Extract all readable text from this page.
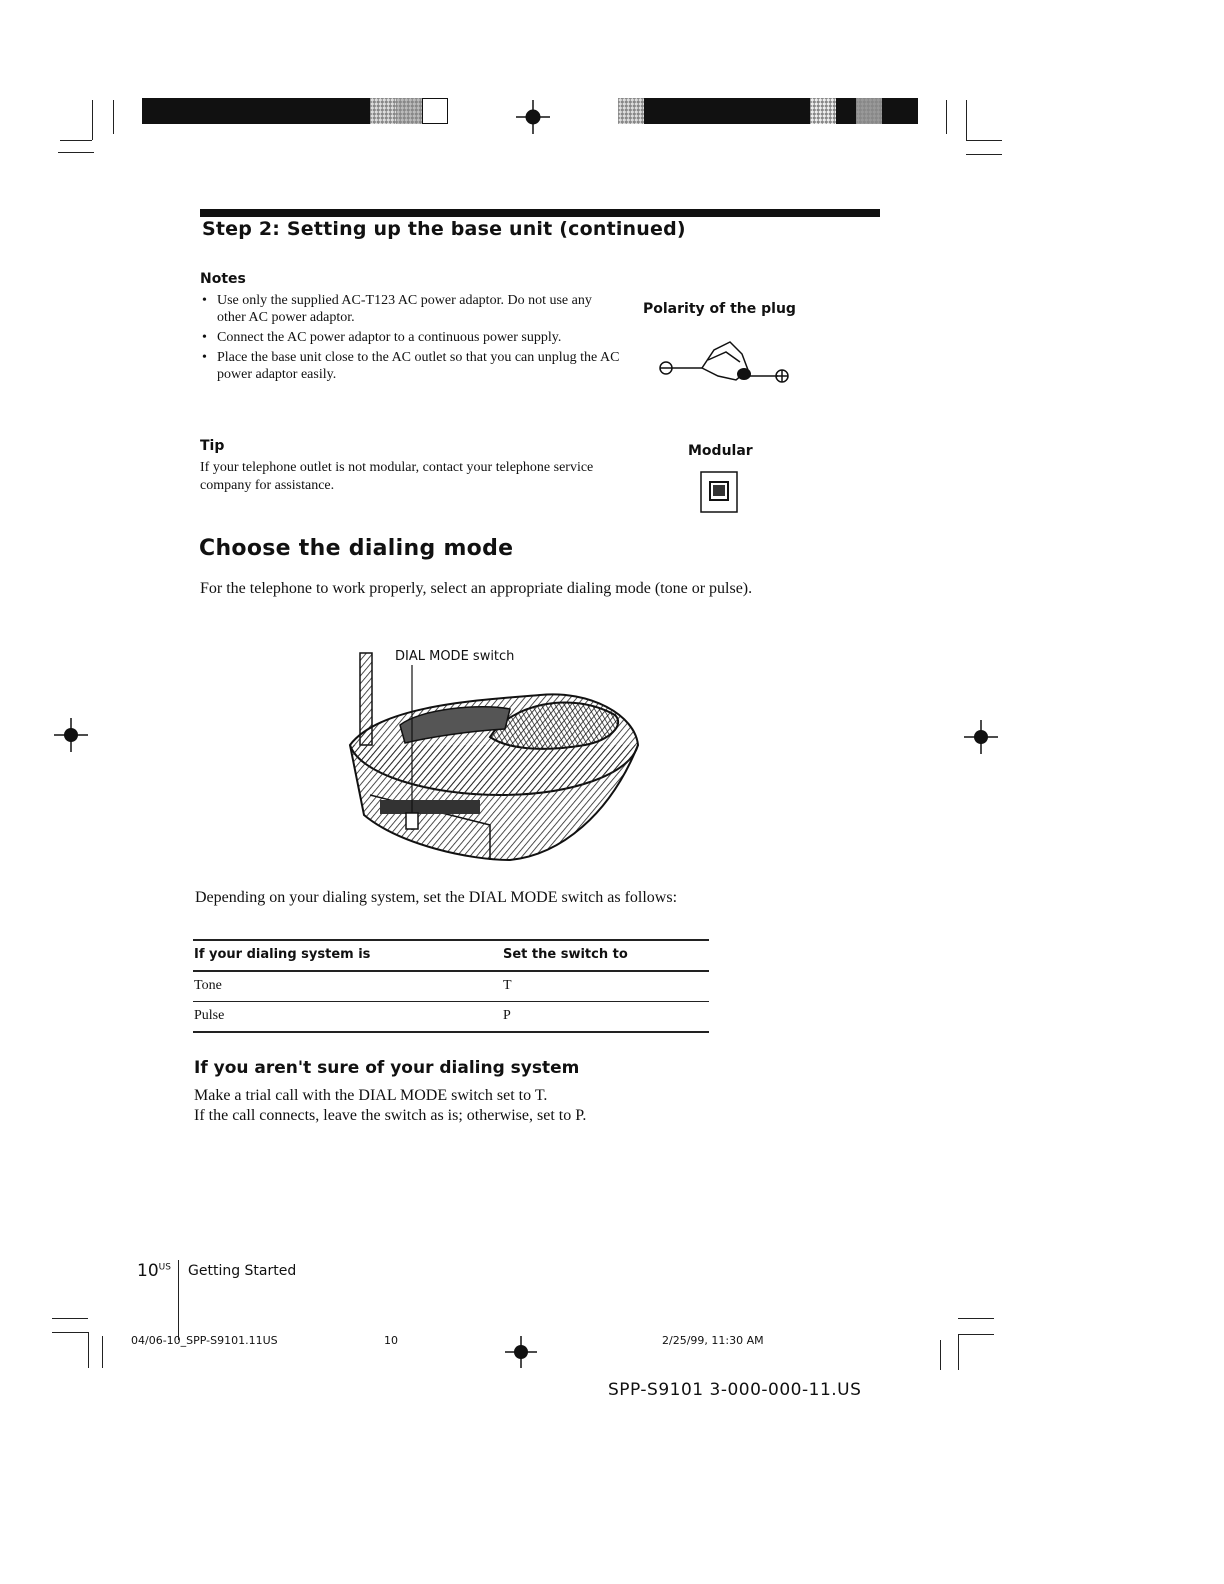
Step 2: Setting up the base unit (continued)
Notes
• Use only the supplied AC-T123 AC power adaptor. Do not use any other AC power adaptor.
• Connect the AC power adaptor to a continuous power supply.
• Place the base unit close to the AC outlet so that you can unplug the AC power adaptor easily.
Polarity of the plug
Tip
If your telephone outlet is not modular, contact your telephone service company for assistance.
Modular
Choose the dialing mode
For the telephone to work properly, select an appropriate dialing mode (tone or pulse).
DIAL MODE switch
Depending on your dialing system, set the DIAL MODE switch as follows:
If your dialing system is	Set the switch to
Tone	T
Pulse	P
If you aren't sure of your dialing system
Make a trial call with the DIAL MODE switch set to T.
If the call connects, leave the switch as is; otherwise, set to P.
$10^{US}$ Getting Started
04/06-10_SPP-S9101.11US	10	2/25/99, 11:30 AM
SPP-S9101 3-000-000-11.US
